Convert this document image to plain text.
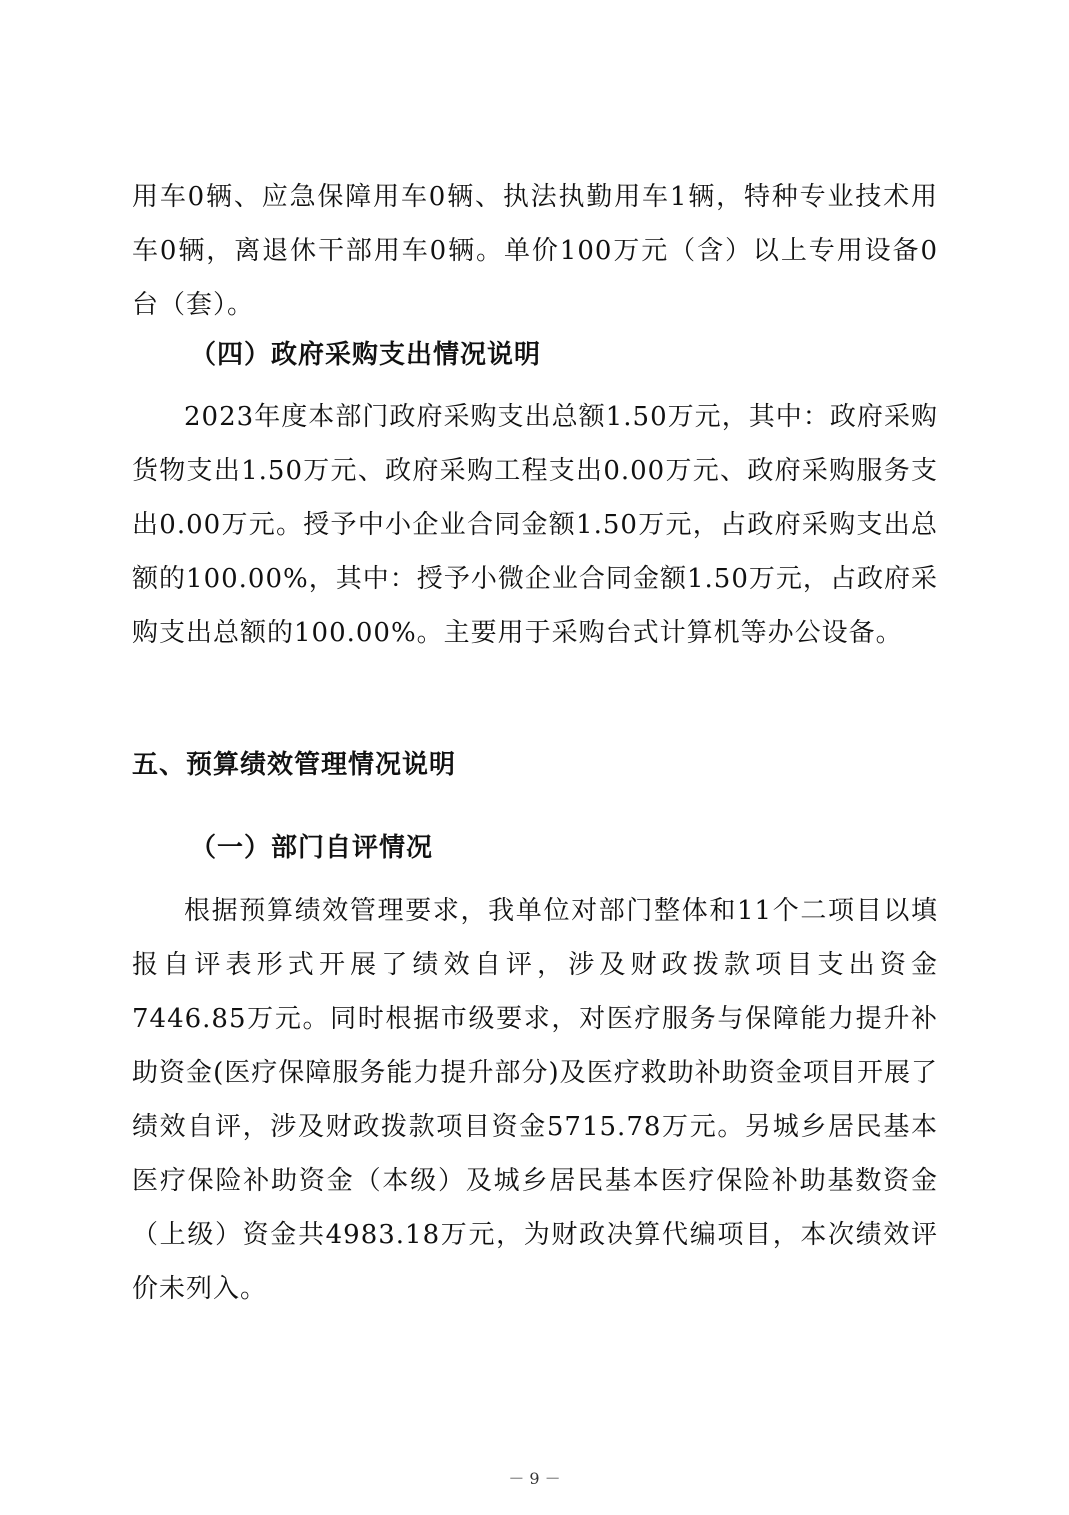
用车0辆、应急保障用车0辆、执法执勤用车1辆，特种专业技术用车0辆，离退休干部用车0辆。单价100万元（含）以上专用设备0台（套）。

（四）政府采购支出情况说明

2023年度本部门政府采购支出总额1.50万元，其中：政府采购货物支出1.50万元、政府采购工程支出0.00万元、政府采购服务支出0.00万元。授予中小企业合同金额1.50万元，占政府采购支出总额的100.00%，其中：授予小微企业合同金额1.50万元，占政府采购支出总额的100.00%。主要用于采购台式计算机等办公设备。

五、预算绩效管理情况说明
（一）部门自评情况

根据预算绩效管理要求，我单位对部门整体和11个二项目以填报自评表形式开展了绩效自评，涉及财政拨款项目支出资金7446.85万元。同时根据市级要求，对医疗服务与保障能力提升补助资金(医疗保障服务能力提升部分)及医疗救助补助资金项目开展了绩效自评，涉及财政拨款项目资金5715.78万元。另城乡居民基本医疗保险补助资金（本级）及城乡居民基本医疗保险补助基数资金（上级）资金共4983.18万元，为财政决算代编项目，本次绩效评价未列入。

－ 9 －
